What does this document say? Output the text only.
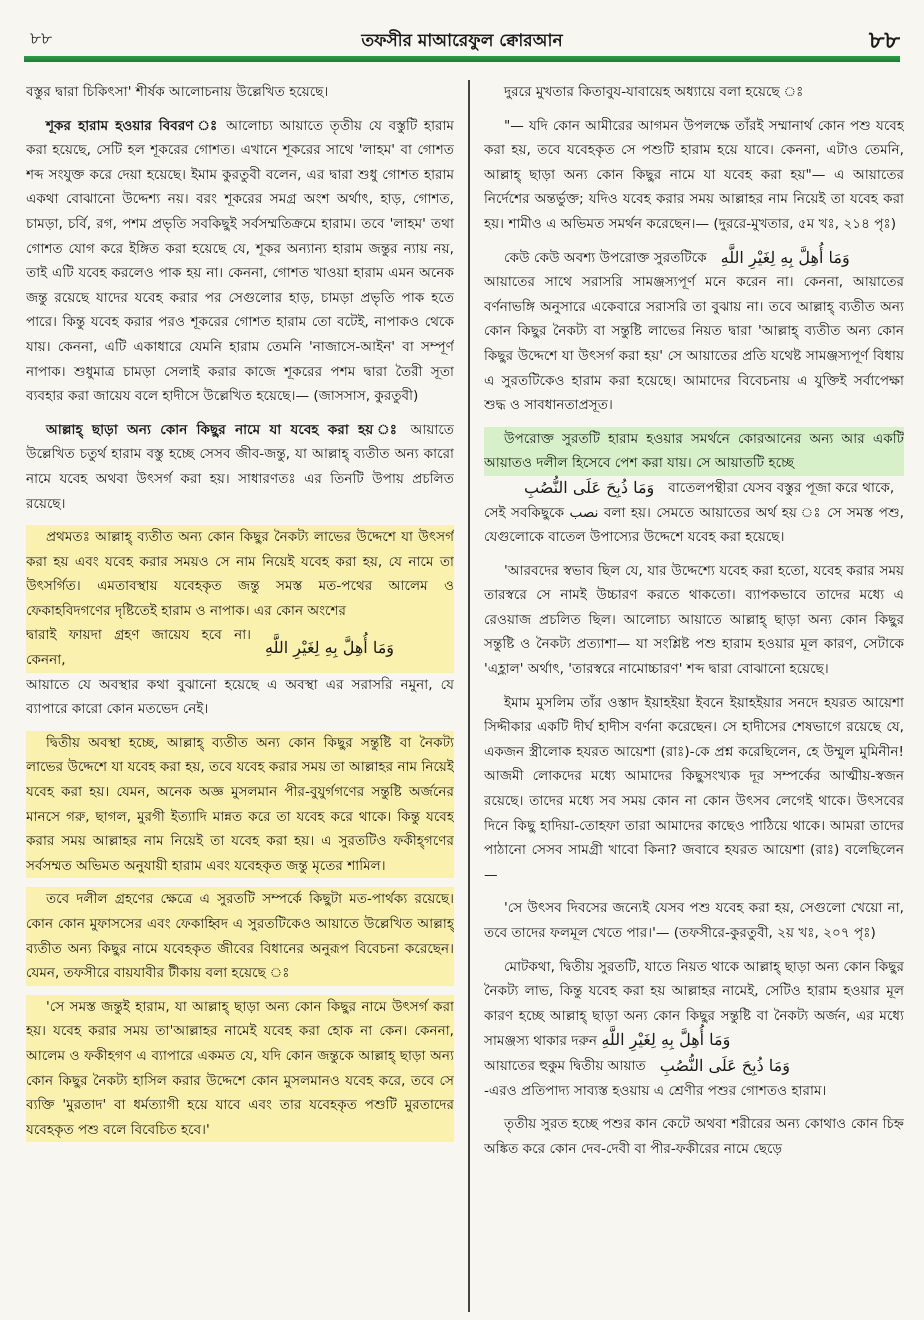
৮৮	তফসীর মাআরেফুল ক্বোরআন	৮৮

বস্তুর দ্বারা চিকিৎসা' শীর্ষক আলোচনায় উল্লেখিত হয়েছে।

শূকর হারাম হওয়ার বিবরণ ঃ আলোচ্য আয়াতে তৃতীয় যে বস্তুটি হারাম করা হয়েছে, সেটি হল শূকরের গোশত। এখানে শূকরের সাথে 'লাহম' বা গোশত শব্দ সংযুক্ত করে দেয়া হয়েছে। ইমাম কুরতুবী বলেন, এর দ্বারা শুধু গোশত হারাম একথা বোঝানো উদ্দেশ্য নয়। বরং শূকরের সমগ্র অংশ অর্থাৎ, হাড়, গোশত, চামড়া, চর্বি, রগ, পশম প্রভৃতি সবকিছুই সর্বসম্মতিক্রমে হারাম। তবে 'লাহম' তথা গোশত যোগ করে ইঙ্গিত করা হয়েছে যে, শূকর অন্যান্য হারাম জন্তুর ন্যায় নয়, তাই এটি যবেহ করলেও পাক হয় না। কেননা, গোশত খাওয়া হারাম এমন অনেক জন্তু রয়েছে যাদের যবেহ করার পর সেগুলোর হাড়, চামড়া প্রভৃতি পাক হতে পারে। কিন্তু যবেহ করার পরও শূকরের গোশত হারাম তো বটেই, নাপাকও থেকে যায়। কেননা, এটি একাধারে যেমনি হারাম তেমনি 'নাজাসে-আইন' বা সম্পূর্ণ নাপাক। শুধুমাত্র চামড়া সেলাই করার কাজে শূকরের পশম দ্বারা তৈরী সূতা ব্যবহার করা জায়েয বলে হাদীসে উল্লেখিত হয়েছে।— (জাসসাস, কুরতুবী)

আল্লাহ্ ছাড়া অন্য কোন কিছুর নামে যা যবেহ করা হয় ঃ আয়াতে উল্লেখিত চতুর্থ হারাম বস্তু হচ্ছে সেসব জীব-জন্তু, যা আল্লাহ্ ব্যতীত অন্য কারো নামে যবেহ অথবা উৎসর্গ করা হয়। সাধারণতঃ এর তিনটি উপায় প্রচলিত রয়েছে।

প্রথমতঃ আল্লাহ্ ব্যতীত অন্য কোন কিছুর নৈকট্য লাভের উদ্দেশে যা উৎসর্গ করা হয় এবং যবেহ করার সময়ও সে নাম নিয়েই যবেহ করা হয়, যে নামে তা উৎসর্গিত। এমতাবস্থায় যবেহকৃত জন্তু সমস্ত মত-পথের আলেম ও ফেকাহবিদগণের দৃষ্টিতেই হারাম ও নাপাক। এর কোন অংশের

দ্বারাই ফায়দা গ্রহণ জায়েয হবে না। কেননা,
وَمَا أُهِلَّ بِهِ لِغَيْرِ اللَّهِ

আয়াতে যে অবস্থার কথা বুঝানো হয়েছে এ অবস্থা এর সরাসরি নমুনা, যে ব্যাপারে কারো কোন মতভেদ নেই।

দ্বিতীয় অবস্থা হচ্ছে, আল্লাহ্ ব্যতীত অন্য কোন কিছুর সন্তুষ্টি বা নৈকট্য লাভের উদ্দেশে যা যবেহ করা হয়, তবে যবেহ করার সময় তা আল্লাহর নাম নিয়েই যবেহ করা হয়। যেমন, অনেক অজ্ঞ মুসলমান পীর-বুযুর্গগণের সন্তুষ্টি অর্জনের মানসে গরু, ছাগল, মুরগী ইত্যাদি মান্নত করে তা যবেহ করে থাকে। কিন্তু যবেহ করার সময় আল্লাহর নাম নিয়েই তা যবেহ করা হয়। এ সুরতটিও ফকীহ্গণের সর্বসম্মত অভিমত অনুযায়ী হারাম এবং যবেহকৃত জন্তু মৃতের শামিল।

তবে দলীল গ্রহণের ক্ষেত্রে এ সুরতটি সম্পর্কে কিছুটা মত-পার্থক্য রয়েছে। কোন কোন মুফাসসের এবং ফেকাহ্বিদ এ সুরতটিকেও আয়াতে উল্লেখিত আল্লাহ্ ব্যতীত অন্য কিছুর নামে যবেহকৃত জীবের বিধানের অনুরূপ বিবেচনা করেছেন। যেমন, তফসীরে বায়যাবীর টীকায় বলা হয়েছে ঃ

'সে সমস্ত জন্তুই হারাম, যা আল্লাহ্ ছাড়া অন্য কোন কিছুর নামে উৎসর্গ করা হয়। যবেহ করার সময় তা'আল্লাহর নামেই যবেহ করা হোক না কেন। কেননা, আলেম ও ফকীহগণ এ ব্যাপারে একমত যে, যদি কোন জন্তুকে আল্লাহ্ ছাড়া অন্য কোন কিছুর নৈকট্য হাসিল করার উদ্দেশে কোন মুসলমানও যবেহ করে, তবে সে ব্যক্তি 'মুরতাদ' বা ধর্মত্যাগী হয়ে যাবে এবং তার যবেহকৃত পশুটি মুরতাদের যবেহকৃত পশু বলে বিবেচিত হবে।'

দুররে মুখতার কিতাবুয-যাবায়েহ অধ্যায়ে বলা হয়েছে ঃ

"— যদি কোন আমীরের আগমন উপলক্ষে তাঁরই সম্মানার্থ কোন পশু যবেহ করা হয়, তবে যবেহকৃত সে পশুটি হারাম হয়ে যাবে। কেননা, এটাও তেমনি, আল্লাহ্ ছাড়া অন্য কোন কিছুর নামে যা যবেহ করা হয়"— এ আয়াতের নির্দেশের অন্তর্ভুক্ত; যদিও যবেহ করার সময় আল্লাহর নাম নিয়েই তা যবেহ করা হয়। শামীও এ অভিমত সমর্থন করেছেন।— (দুররে-মুখতার, ৫ম খঃ, ২১৪ পৃঃ)

কেউ কেউ অবশ্য উপরোক্ত সুরতটিকে وَمَا أُهِلَّ بِهِ لِغَيْرِ اللَّهِ

আয়াতের সাথে সরাসরি সামঞ্জস্যপূর্ণ মনে করেন না। কেননা, আয়াতের বর্ণনাভঙ্গি অনুসারে একেবারে সরাসরি তা বুঝায় না। তবে আল্লাহ্ ব্যতীত অন্য কোন কিছুর নৈকট্য বা সন্তুষ্টি লাভের নিয়ত দ্বারা 'আল্লাহ্ ব্যতীত অন্য কোন কিছুর উদ্দেশে যা উৎসর্গ করা হয়' সে আয়াতের প্রতি যথেষ্ট সামঞ্জস্যপূর্ণ বিধায় এ সুরতটিকেও হারাম করা হয়েছে। আমাদের বিবেচনায় এ যুক্তিই সর্বাপেক্ষা শুদ্ধ ও সাবধানতাপ্রসূত।

উপরোক্ত সুরতটি হারাম হওয়ার সমর্থনে কোরআনের অন্য আর একটি আয়াতও দলীল হিসেবে পেশ করা যায়। সে আয়াতটি হচ্ছে

وَمَا ذُبِحَ عَلَى النُّصُبِ বাতেলপন্থীরা যেসব বস্তুর পূজা করে থাকে,

সেই সবকিছুকে نصب বলা হয়। সেমতে আয়াতের অর্থ হয় ঃ সে সমস্ত পশু, যেগুলোকে বাতেল উপাস্যের উদ্দেশে যবেহ করা হয়েছে।

'আরবদের স্বভাব ছিল যে, যার উদ্দেশ্যে যবেহ করা হতো, যবেহ করার সময় তারস্বরে সে নামই উচ্চারণ করতে থাকতো। ব্যাপকভাবে তাদের মধ্যে এ রেওয়াজ প্রচলিত ছিল। আলোচ্য আয়াতে আল্লাহ্ ছাড়া অন্য কোন কিছুর সন্তুষ্টি ও নৈকট্য প্রত্যাশা— যা সংশ্লিষ্ট পশু হারাম হওয়ার মূল কারণ, সেটাকে 'এহ্লাল' অর্থাৎ, 'তারস্বরে নামোচ্চারণ' শব্দ দ্বারা বোঝানো হয়েছে।

ইমাম মুসলিম তাঁর ওস্তাদ ইয়াহইয়া ইবনে ইয়াহইয়ার সনদে হযরত আয়েশা সিদ্দীকার একটি দীর্ঘ হাদীস বর্ণনা করেছেন। সে হাদীসের শেষভাগে রয়েছে যে, একজন স্ত্রীলোক হযরত আয়েশা (রাঃ)-কে প্রশ্ন করেছিলেন, হে উম্মুল মুমিনীন! আজমী লোকদের মধ্যে আমাদের কিছুসংখ্যক দূর সম্পর্কের আত্মীয়-স্বজন রয়েছে। তাদের মধ্যে সব সময় কোন না কোন উৎসব লেগেই থাকে। উৎসবের দিনে কিছু হাদিয়া-তোহফা তারা আমাদের কাছেও পাঠিয়ে থাকে। আমরা তাদের পাঠানো সেসব সামগ্রী খাবো কিনা? জবাবে হযরত আয়েশা (রাঃ) বলেছিলেন—

'সে উৎসব দিবসের জন্যেই যেসব পশু যবেহ করা হয়, সেগুলো খেয়ো না, তবে তাদের ফলমূল খেতে পার।'— (তফসীরে-কুরতুবী, ২য় খঃ, ২০৭ পৃঃ)

মোটকথা, দ্বিতীয় সুরতটি, যাতে নিয়ত থাকে আল্লাহ্ ছাড়া অন্য কোন কিছুর নৈকট্য লাভ, কিন্তু যবেহ করা হয় আল্লাহর নামেই, সেটিও হারাম হওয়ার মূল কারণ হচ্ছে আল্লাহ্ ছাড়া অন্য কোন কিছুর সন্তুষ্টি বা নৈকট্য অর্জন, এর মধ্যে সামঞ্জস্য থাকার দরুন وَمَا أُهِلَّ بِهِ لِغَيْرِ اللَّهِ

আয়াতের হুকুম দ্বিতীয় আয়াত وَمَا ذُبِحَ عَلَى النُّصُبِ

-এরও প্রতিপাদ্য সাব্যস্ত হওয়ায় এ শ্রেণীর পশুর গোশতও হারাম।

তৃতীয় সুরত হচ্ছে পশুর কান কেটে অথবা শরীরের অন্য কোথাও কোন চিহ্ন অঙ্কিত করে কোন দেব-দেবী বা পীর-ফকীরের নামে ছেড়ে
